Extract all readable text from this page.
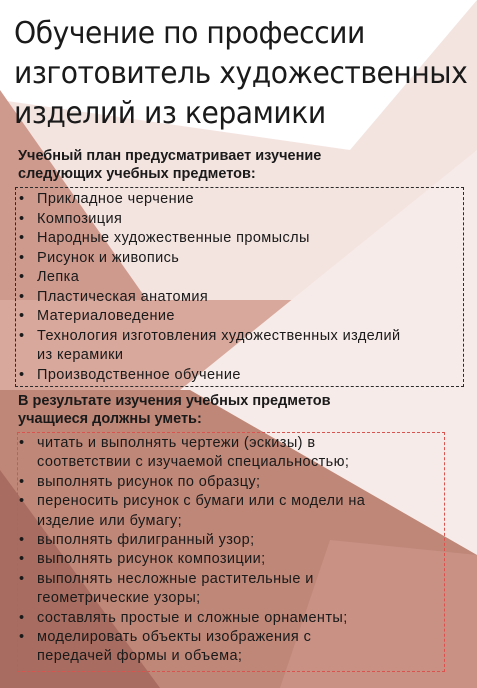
Обучение по профессии
изготовитель художественных
изделий из керамики
Учебный план предусматривает изучение
следующих учебных предметов:
• Прикладное черчение
• Композиция
• Народные художественные промыслы
• Рисунок и живопись
• Лепка
• Пластическая анатомия
• Материаловедение
• Технология изготовления художественных изделий
из керамики
• Производственное обучение
В результате изучения учебных предметов
учащиеся должны уметь:
• читать и выполнять чертежи (эскизы) в
соответствии с изучаемой специальностью;
• выполнять рисунок по образцу;
• переносить рисунок с бумаги или с модели на
изделие или бумагу;
• выполнять филигранный узор;
• выполнять рисунок композиции;
• выполнять несложные растительные и
геометрические узоры;
• составлять простые и сложные орнаменты;
• моделировать объекты изображения с
передачей формы и объема;
